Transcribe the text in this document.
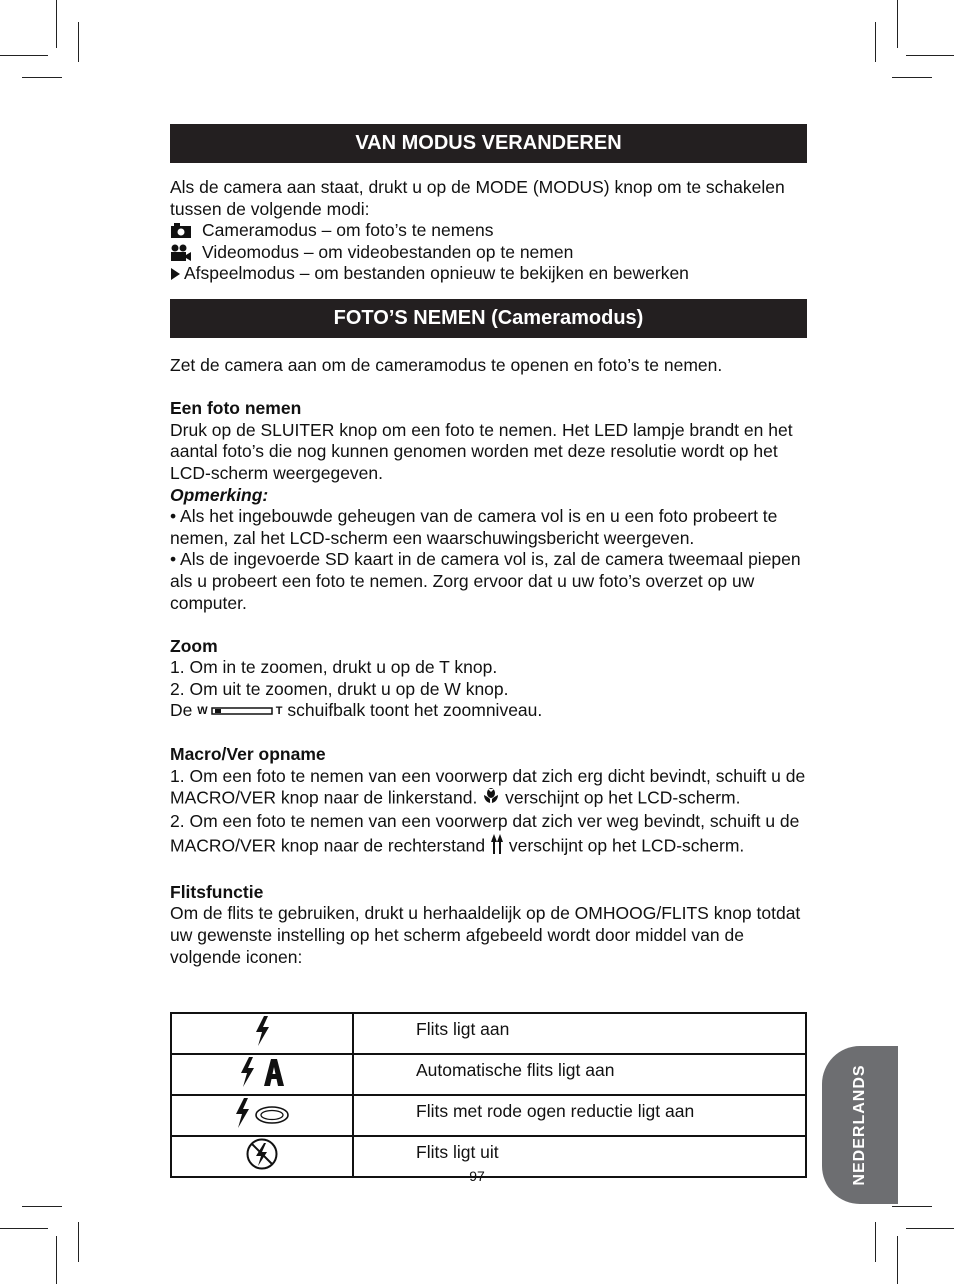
VAN MODUS VERANDEREN

Als de camera aan staat, drukt u op de MODE (MODUS) knop om te schakelen tussen de volgende modi:

Cameramodus – om foto’s te nemens
Videomodus – om videobestanden op te nemen
Afspeelmodus – om bestanden opnieuw te bekijken en bewerken
FOTO’S NEMEN (Cameramodus)

Zet de camera aan om de cameramodus te openen en foto’s te nemen.

Een foto nemen

Druk op de SLUITER knop om een foto te nemen. Het LED lampje brandt en het aantal foto’s die nog kunnen genomen worden met deze resolutie wordt op het LCD-scherm weergegeven.

Opmerking:

• Als het ingebouwde geheugen van de camera vol is en u een foto probeert te nemen, zal het LCD-scherm een waarschuwingsbericht weergeven.

• Als de ingevoerde SD kaart in de camera vol is, zal de camera tweemaal piepen als u probeert een foto te nemen. Zorg ervoor dat u uw foto’s overzet op uw computer.

Zoom

1. Om in te zoomen, drukt u op de T knop.

2. Om uit te zoomen, drukt u op de W knop.

De W	T schuifbalk toont het zoomniveau.

Macro/Ver opname

1. Om een foto te nemen van een voorwerp dat zich erg dicht bevindt, schuift u de MACRO/VER knop naar de linkerstand. verschijnt op het LCD-scherm.

2. Om een foto te nemen van een voorwerp dat zich ver weg bevindt, schuift u de MACRO/VER knop naar de rechterstand verschijnt op het LCD-scherm.

Flitsfunctie

Om de flits te gebruiken, drukt u herhaaldelijk op de OMHOOG/FLITS knop totdat uw gewenste instelling op het scherm afgebeeld wordt door middel van de volgende iconen:

	Flits ligt aan
	Automatische flits ligt aan
	Flits met rode ogen reductie ligt aan
	Flits ligt uit
97	NEDERLANDS
